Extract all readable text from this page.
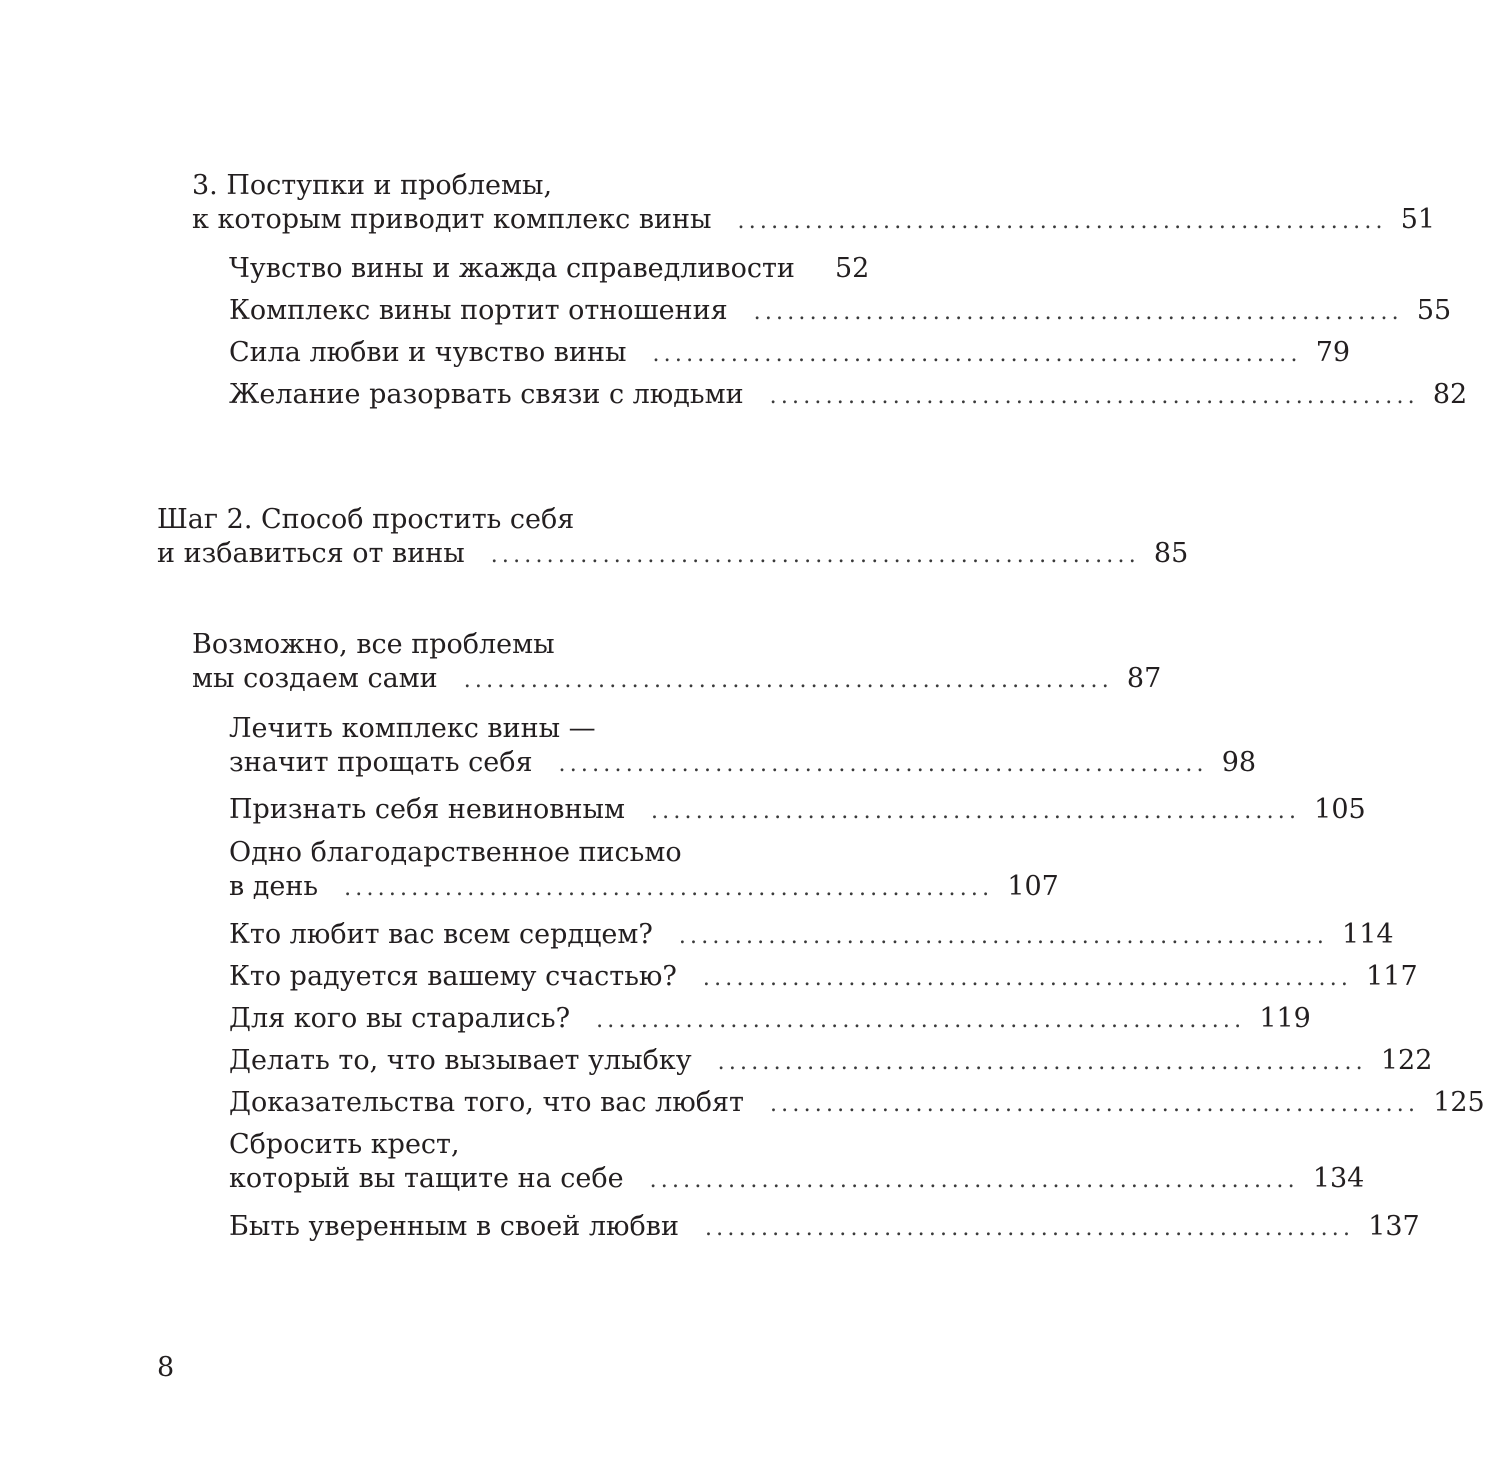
3. Поступки и проблемы,
к которым приводит комплекс вины .......................................................... 51
Чувство вины и жажда справедливости 52
Комплекс вины портит отношения .......................................................... 55
Сила любви и чувство вины .......................................................... 79
Желание разорвать связи с людьми .......................................................... 82
Шаг 2. Способ простить себя
и избавиться от вины .......................................................... 85
Возможно, все проблемы
мы создаем сами .......................................................... 87
Лечить комплекс вины —
значит прощать себя .......................................................... 98
Признать себя невиновным .......................................................... 105
Одно благодарственное письмо
в день .......................................................... 107
Кто любит вас всем сердцем? .......................................................... 114
Кто радуется вашему счастью? .......................................................... 117
Для кого вы старались? .......................................................... 119
Делать то, что вызывает улыбку .......................................................... 122
Доказательства того, что вас любят .......................................................... 125
Сбросить крест,
который вы тащите на себе .......................................................... 134
Быть уверенным в своей любви .......................................................... 137
8
